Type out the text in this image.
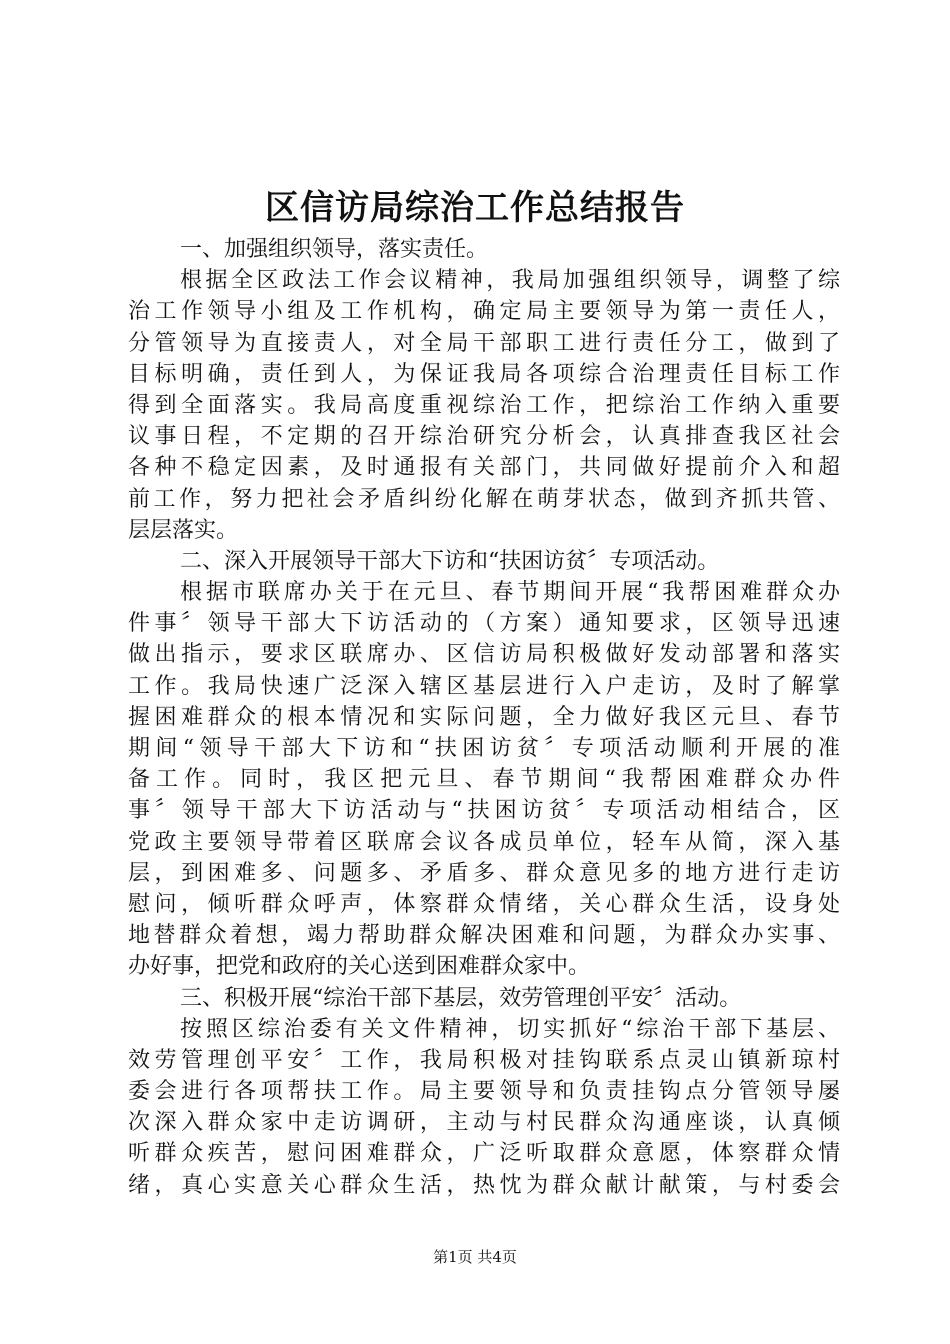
区信访局综治工作总结报告
一、加强组织领导，落实责任。
根据全区政法工作会议精神，我局加强组织领导，调整了综
治工作领导小组及工作机构，确定局主要领导为第一责任人，
分管领导为直接责人，对全局干部职工进行责任分工，做到了
目标明确，责任到人，为保证我局各项综合治理责任目标工作
得到全面落实。我局高度重视综治工作，把综治工作纳入重要
议事日程，不定期的召开综治研究分析会，认真排查我区社会
各种不稳定因素，及时通报有关部门，共同做好提前介入和超
前工作，努力把社会矛盾纠纷化解在萌芽状态，做到齐抓共管、
层层落实。
二、深入开展领导干部大下访和“扶困访贫〞专项活动。
根据市联席办关于在元旦、春节期间开展“我帮困难群众办
件事〞领导干部大下访活动的（方案）通知要求，区领导迅速
做出指示，要求区联席办、区信访局积极做好发动部署和落实
工作。我局快速广泛深入辖区基层进行入户走访，及时了解掌
握困难群众的根本情况和实际问题，全力做好我区元旦、春节
期间“领导干部大下访和“扶困访贫〞专项活动顺利开展的准
备工作。同时，我区把元旦、春节期间“我帮困难群众办件
事〞领导干部大下访活动与“扶困访贫〞专项活动相结合，区
党政主要领导带着区联席会议各成员单位，轻车从简，深入基
层，到困难多、问题多、矛盾多、群众意见多的地方进行走访
慰问，倾听群众呼声，体察群众情绪，关心群众生活，设身处
地替群众着想，竭力帮助群众解决困难和问题，为群众办实事、
办好事，把党和政府的关心送到困难群众家中。
三、积极开展“综治干部下基层，效劳管理创平安〞活动。
按照区综治委有关文件精神，切实抓好“综治干部下基层、
效劳管理创平安〞工作，我局积极对挂钩联系点灵山镇新琼村
委会进行各项帮扶工作。局主要领导和负责挂钩点分管领导屡
次深入群众家中走访调研，主动与村民群众沟通座谈，认真倾
听群众疾苦，慰问困难群众，广泛听取群众意愿，体察群众情
绪，真心实意关心群众生活，热忱为群众献计献策，与村委会
第1页 共4页
